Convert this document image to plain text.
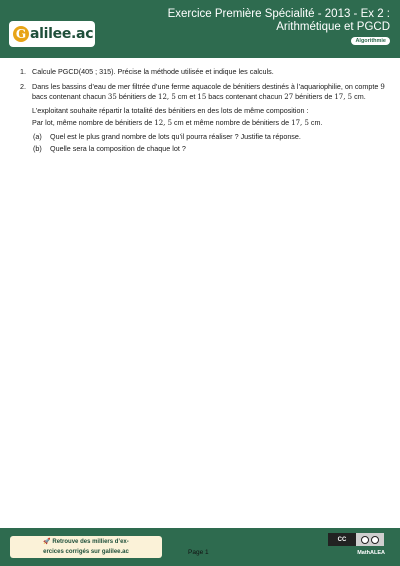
G alilee.ac
Exercice Première Spécialité - 2013 - Ex 2 : Arithmétique et PGCD
Algorithmie
1. Calcule PGCD(405 ; 315). Précise la méthode utilisée et indique les calculs.
2. Dans les bassins d’eau de mer filtrée d’une ferme aquacole de bénitiers destinés à l’aquariophilie, on compte 9 bacs contenant chacun 35 bénitiers de 12, 5 cm et 15 bacs contenant chacun 27 bénitiers de 17, 5 cm.
L’exploitant souhaite répartir la totalité des bénitiers en des lots de même composition :
Par lot, même nombre de bénitiers de 12, 5 cm et même nombre de bénitiers de 17, 5 cm.
(a) Quel est le plus grand nombre de lots qu’il pourra réaliser ? Justifie ta réponse.
(b) Quelle sera la composition de chaque lot ?
🚀 Retrouve des milliers d’ex-
ercices corrigés sur galilee.ac	Page 1
CC
MathALEA
